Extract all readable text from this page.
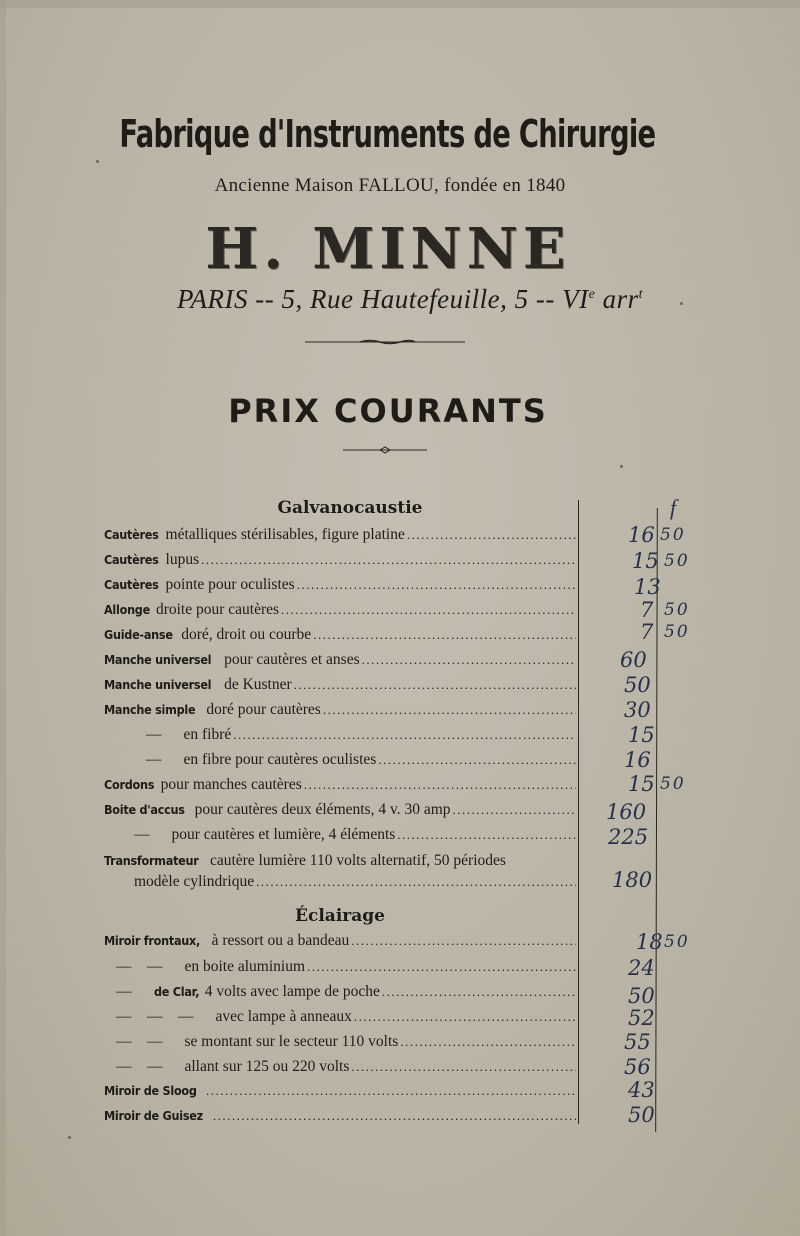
Fabrique d'Instruments de Chirurgie
Ancienne Maison FALLOU, fondée en 1840
H. MINNE
PARIS -- 5, Rue Hautefeuille, 5 -- VIe arr$^t$
PRIX COURANTS
Galvanocaustie
Éclairage
f
Cautères métalliques stérilisables, figure platine .....	16 50
Cautères lupus .....	15 50
Cautères pointe pour oculistes .....	13
Allonge droite pour cautères .....	7 50
Guide-anse doré, droit ou courbe .....	7 50
Manche universel pour cautères et anses .....	60
Manche universel de Kustner .....	50
Manche simple doré pour cautères .....	30
— en fibré .....	15
— en fibre pour cautères oculistes .....	16
Cordons pour manches cautères .....	15 50
Boite d'accus pour cautères deux éléments, 4 v. 30 amp .....	160
— pour cautères et lumière, 4 éléments .....	225
Transformateur cautère lumière 110 volts alternatif, 50 périodes
modèle cylindrique .....	180
Miroir frontaux, à ressort ou a bandeau .....	18 50
—    — en boite aluminium .....	24
— de Clar, 4 volts avec lampe de poche .....	50
—    —    — avec lampe à anneaux .....	52
—    — se montant sur le secteur 110 volts .....	55
—    — allant sur 125 ou 220 volts .....	56
Miroir de Sloog .....	43
Miroir de Guisez .....	50
